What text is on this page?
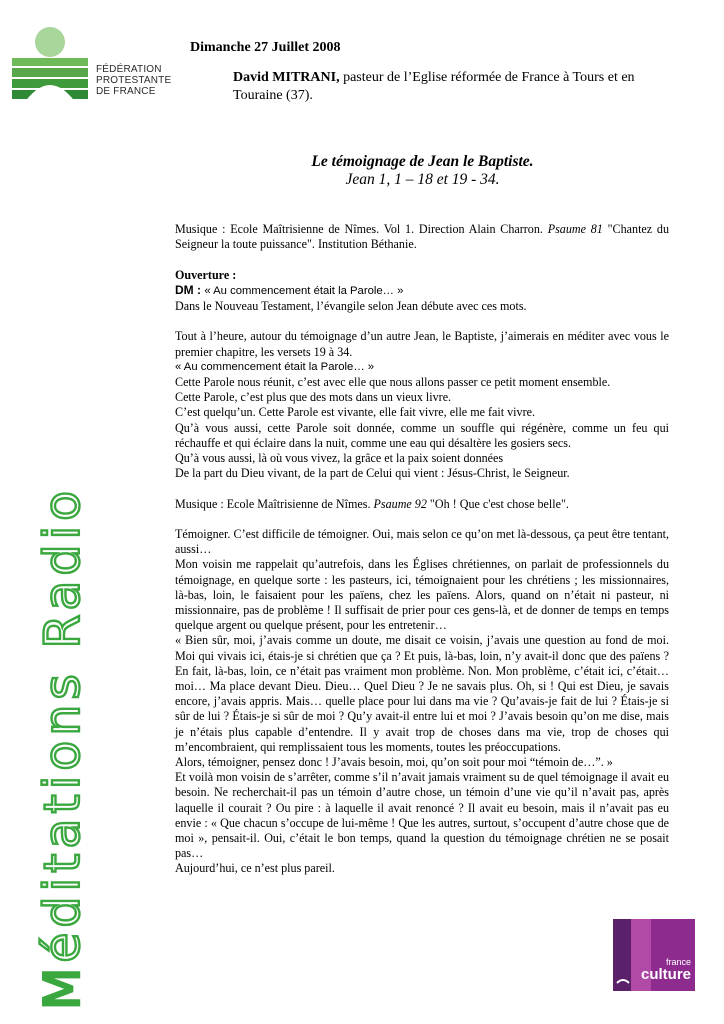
FÉDÉRATION
PROTESTANTE
DE FRANCE
Dimanche 27 Juillet 2008
David MITRANI, pasteur de l’Eglise réformée de France à Tours et en Touraine (37).
Le témoignage de Jean le Baptiste.
Jean 1, 1 – 18 et 19 - 34.
Méditations Radio

Musique : Ecole Maîtrisienne de Nîmes. Vol 1. Direction Alain Charron. Psaume 81 "Chantez du Seigneur la toute puissance". Institution Béthanie.

Ouverture :

DM : « Au commencement était la Parole… »

Dans le Nouveau Testament, l’évangile selon Jean débute avec ces mots.

Tout à l’heure, autour du témoignage d’un autre Jean, le Baptiste, j’aimerais en méditer avec vous le premier chapitre, les versets 19 à 34.

« Au commencement était la Parole… »

Cette Parole nous réunit, c’est avec elle que nous allons passer ce petit moment ensemble.

Cette Parole, c’est plus que des mots dans un vieux livre.

C’est quelqu’un. Cette Parole est vivante, elle fait vivre, elle me fait vivre.

Qu’à vous aussi, cette Parole soit donnée, comme un souffle qui régénère, comme un feu qui réchauffe et qui éclaire dans la nuit, comme une eau qui désaltère les gosiers secs.

Qu’à vous aussi, là où vous vivez, la grâce et la paix soient données

De la part du Dieu vivant, de la part de Celui qui vient : Jésus-Christ, le Seigneur.

Musique : Ecole Maîtrisienne de Nîmes. Psaume 92 "Oh ! Que c'est chose belle".

Témoigner. C’est difficile de témoigner. Oui, mais selon ce qu’on met là-dessous, ça peut être tentant, aussi…

Mon voisin me rappelait qu’autrefois, dans les Églises chrétiennes, on parlait de professionnels du témoignage, en quelque sorte : les pasteurs, ici, témoignaient pour les chrétiens ; les missionnaires, là-bas, loin, le faisaient pour les païens, chez les païens. Alors, quand on n’était ni pasteur, ni missionnaire, pas de problème ! Il suffisait de prier pour ces gens-là, et de donner de temps en temps quelque argent ou quelque présent, pour les entretenir…

« Bien sûr, moi, j’avais comme un doute, me disait ce voisin, j’avais une question au fond de moi. Moi qui vivais ici, étais-je si chrétien que ça ? Et puis, là-bas, loin, n’y avait-il donc que des païens ? En fait, là-bas, loin, ce n’était pas vraiment mon problème. Non. Mon problème, c’était ici, c’était… moi… Ma place devant Dieu. Dieu… Quel Dieu ? Je ne savais plus. Oh, si ! Qui est Dieu, je savais encore, j’avais appris. Mais… quelle place pour lui dans ma vie ? Qu’avais-je fait de lui ? Étais-je si sûr de lui ? Étais-je si sûr de moi ? Qu’y avait-il entre lui et moi ? J’avais besoin qu’on me dise, mais je n’étais plus capable d’entendre. Il y avait trop de choses dans ma vie, trop de choses qui m’encombraient, qui remplissaient tous les moments, toutes les préoccupations.

Alors, témoigner, pensez donc ! J’avais besoin, moi, qu’on soit pour moi “témoin de…”. »

Et voilà mon voisin de s’arrêter, comme s’il n’avait jamais vraiment su de quel témoignage il avait eu besoin. Ne recherchait-il pas un témoin d’autre chose, un témoin d’une vie qu’il n’avait pas, après laquelle il courait ? Ou pire : à laquelle il avait renoncé ? Il avait eu besoin, mais il n’avait pas eu envie : « Que chacun s’occupe de lui-même ! Que les autres, surtout, s’occupent d’autre chose que de moi », pensait-il. Oui, c’était le bon temps, quand la question du témoignage chrétien ne se posait pas…

Aujourd’hui, ce n’est plus pareil.

france
culture
